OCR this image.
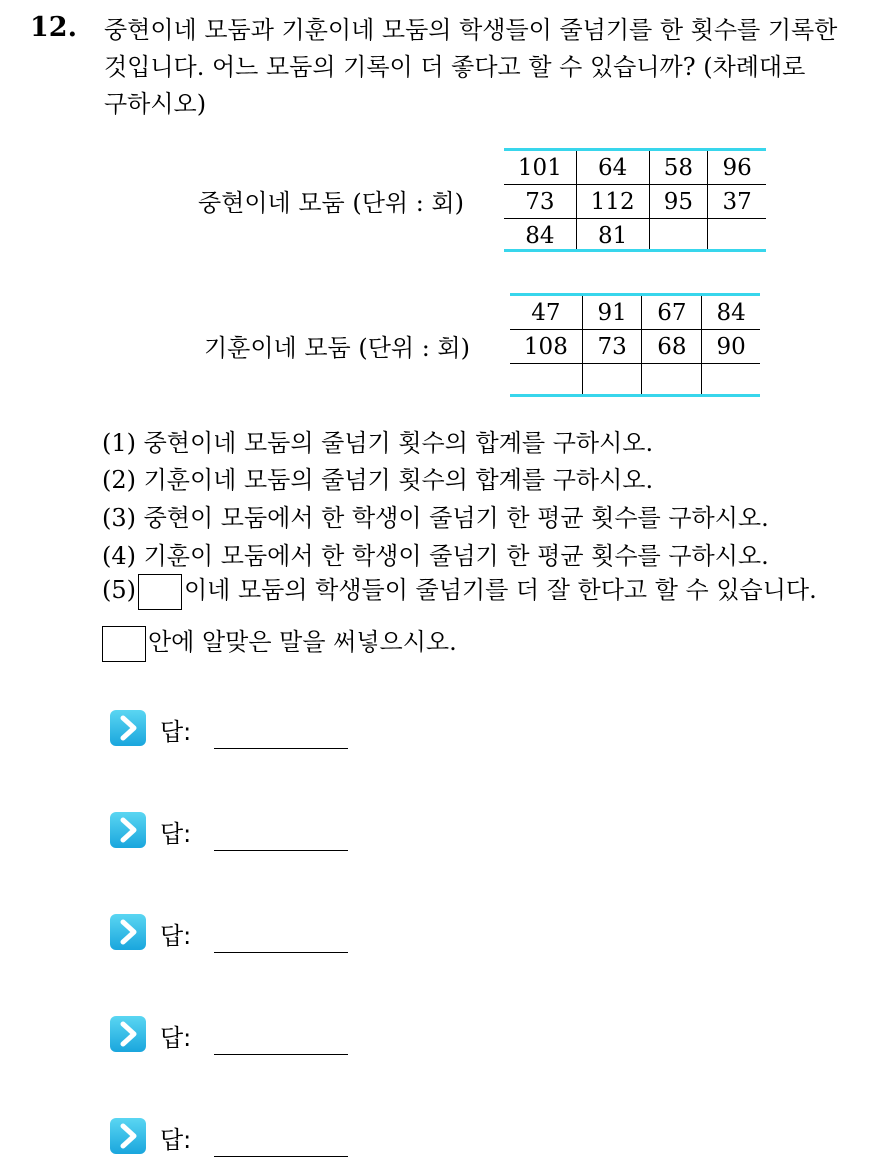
12. 중현이네 모둠과 기훈이네 모둠의 학생들이 줄넘기를 한 횟수를 기록한
것입니다. 어느 모둠의 기록이 더 좋다고 할 수 있습니까? (차례대로
구하시오)
중현이네 모둠 (단위 : 회)
101	64	58	96
73	112	95	37
84	81		
기훈이네 모둠 (단위 : 회)
47	91	67	84
108	73	68	90

(1) 중현이네 모둠의 줄넘기 횟수의 합계를 구하시오.
(2) 기훈이네 모둠의 줄넘기 횟수의 합계를 구하시오.
(3) 중현이 모둠에서 한 학생이 줄넘기 한 평균 횟수를 구하시오.
(4) 기훈이 모둠에서 한 학생이 줄넘기 한 평균 횟수를 구하시오.
(5) 이네 모둠의 학생들이 줄넘기를 더 잘 한다고 할 수 있습니다.
안에 알맞은 말을 써넣으시오.
답:
답:
답:
답:
답:
